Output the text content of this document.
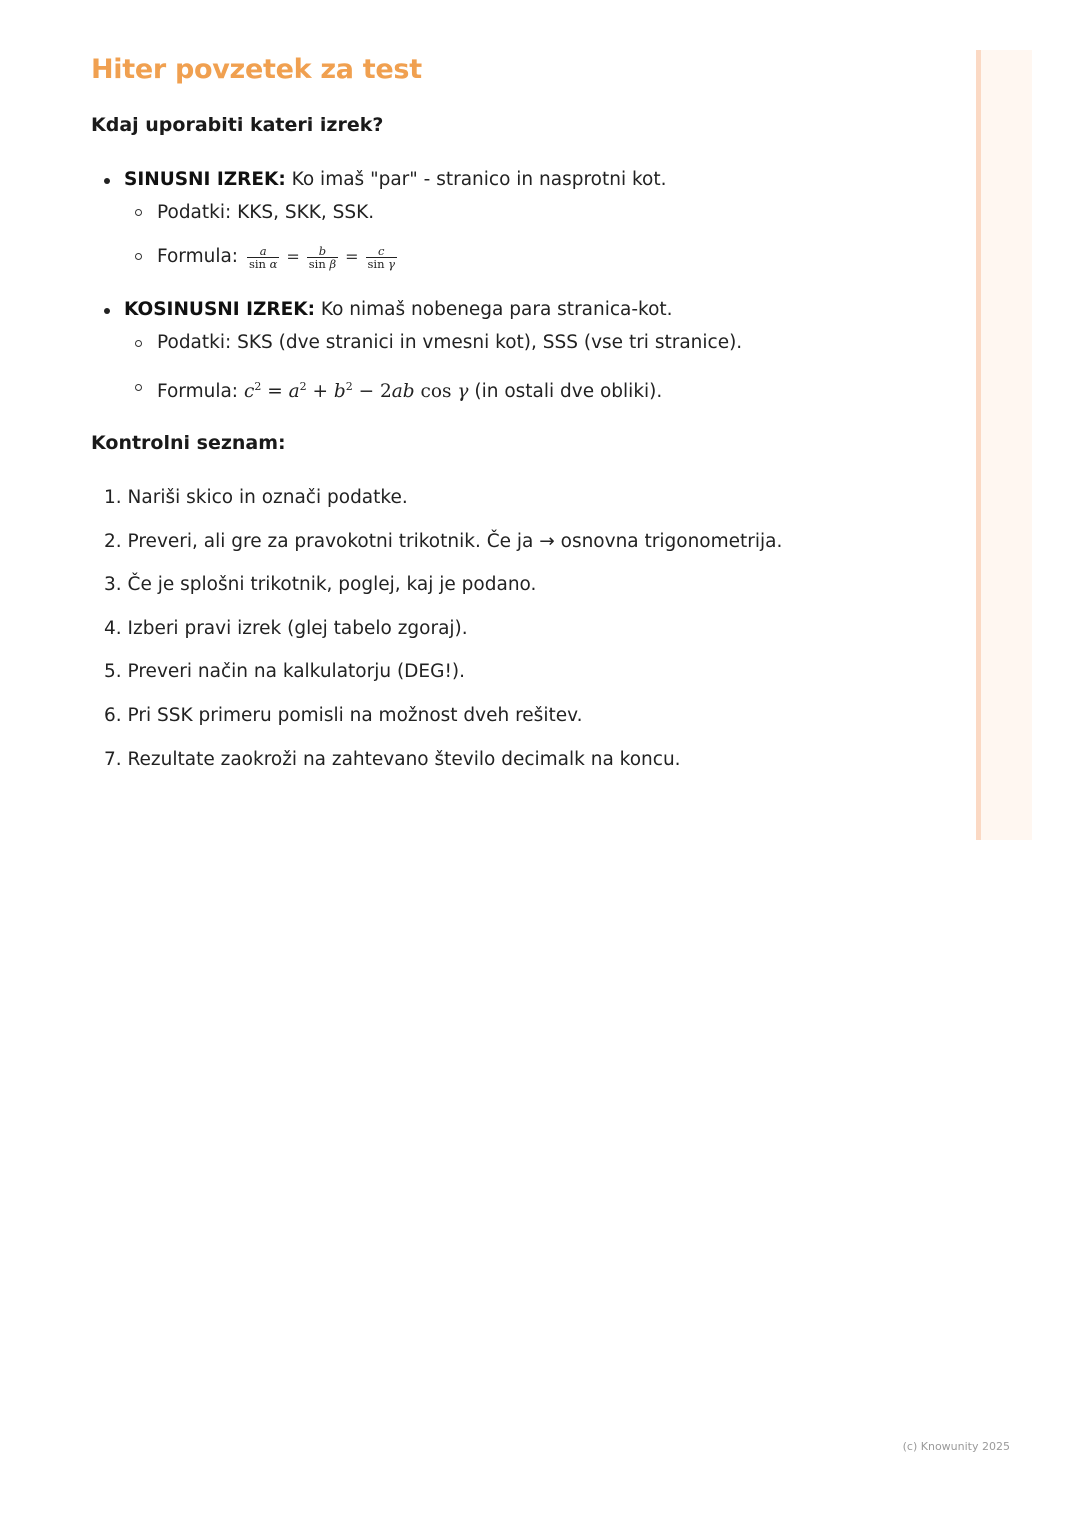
Hiter povzetek za test
Kdaj uporabiti kateri izrek?
SINUSNI IZREK: Ko imaš "par" - stranico in nasprotni kot.
Podatki: KKS, SKK, SSK.
Formula: $\frac{a}{\text{sin α}} = \frac{b}{\text{sin β}} = \frac{c}{\text{sin γ}}$
KOSINUSNI IZREK: Ko nimaš nobenega para stranica-kot.
Podatki: SKS (dve stranici in vmesni kot), SSS (vse tri stranice).
Formula: $c^2 = a^2 + b^2 - 2ab$ cos γ (in ostali dve obliki).
Kontrolni seznam:
1. Nariši skico in označi podatke.
2. Preveri, ali gre za pravokotni trikotnik. Če ja → osnovna trigonometrija.
3. Če je splošni trikotnik, poglej, kaj je podano.
4. Izberi pravi izrek (glej tabelo zgoraj).
5. Preveri način na kalkulatorju (DEG!).
6. Pri SSK primeru pomisli na možnost dveh rešitev.
7. Rezultate zaokroži na zahtevano število decimalk na koncu.
(c) Knowunity 2025
